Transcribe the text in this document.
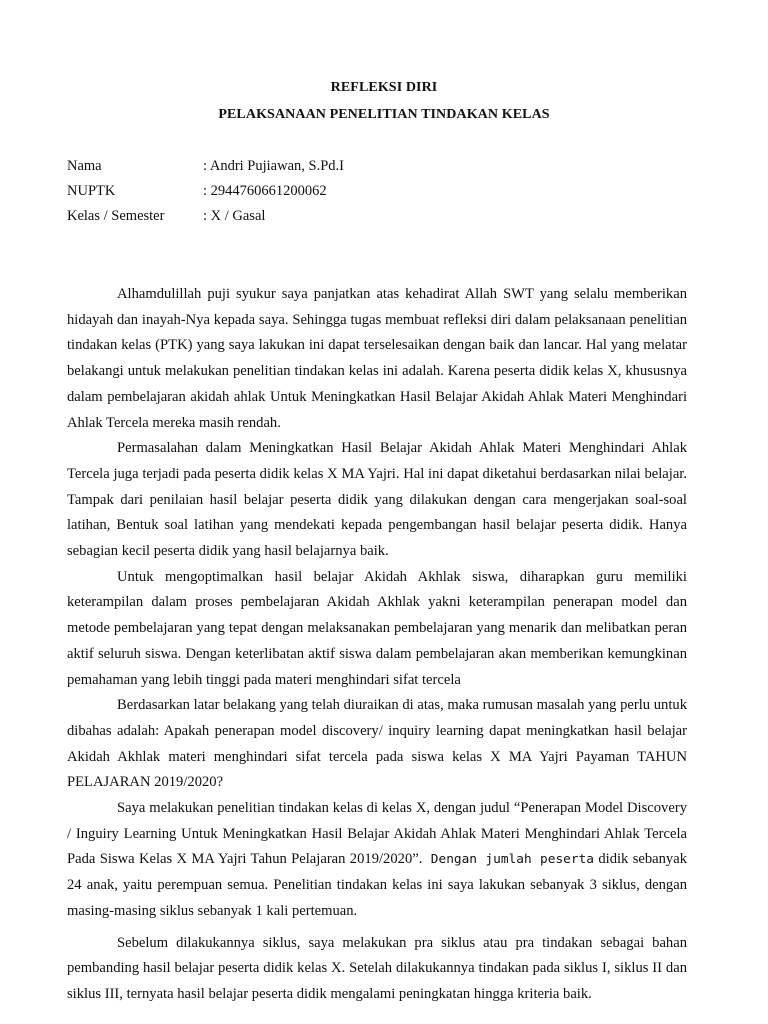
REFLEKSI DIRI
PELAKSANAAN PENELITIAN TINDAKAN KELAS
Nama	: Andri Pujiawan, S.Pd.I
NUPTK	: 2944760661200062
Kelas / Semester	: X / Gasal

Alhamdulillah puji syukur saya panjatkan atas kehadirat Allah SWT yang selalu memberikan hidayah dan inayah-Nya kepada saya. Sehingga tugas membuat refleksi diri dalam pelaksanaan penelitian tindakan kelas (PTK) yang saya lakukan ini dapat terselesaikan dengan baik dan lancar. Hal yang melatar belakangi untuk melakukan penelitian tindakan kelas ini adalah. Karena peserta didik kelas X, khususnya dalam pembelajaran akidah ahlak Untuk Meningkatkan Hasil Belajar Akidah Ahlak Materi Menghindari Ahlak Tercela mereka masih rendah.

Permasalahan dalam Meningkatkan Hasil Belajar Akidah Ahlak Materi Menghindari Ahlak Tercela juga terjadi pada peserta didik kelas X MA Yajri. Hal ini dapat diketahui berdasarkan nilai belajar. Tampak dari penilaian hasil belajar peserta didik yang dilakukan dengan cara mengerjakan soal-soal latihan, Bentuk soal latihan yang mendekati kepada pengembangan hasil belajar peserta didik. Hanya sebagian kecil peserta didik yang hasil belajarnya baik.

Untuk mengoptimalkan hasil belajar Akidah Akhlak siswa, diharapkan guru memiliki keterampilan dalam proses pembelajaran Akidah Akhlak yakni keterampilan penerapan model dan metode pembelajaran yang tepat dengan melaksanakan pembelajaran yang menarik dan melibatkan peran aktif seluruh siswa. Dengan keterlibatan aktif siswa dalam pembelajaran akan memberikan kemungkinan pemahaman yang lebih tinggi pada materi menghindari sifat tercela

Berdasarkan latar belakang yang telah diuraikan di atas, maka rumusan masalah yang perlu untuk dibahas adalah: Apakah penerapan model discovery/ inquiry learning dapat meningkatkan hasil belajar Akidah Akhlak materi menghindari sifat tercela pada siswa kelas X MA Yajri Payaman TAHUN PELAJARAN 2019/2020?

Saya melakukan penelitian tindakan kelas di kelas X, dengan judul “Penerapan Model Discovery / Inguiry Learning Untuk Meningkatkan Hasil Belajar Akidah Ahlak Materi Menghindari Ahlak Tercela Pada Siswa Kelas X MA Yajri Tahun Pelajaran 2019/2020”. Dengan jumlah peserta didik sebanyak 24 anak, yaitu perempuan semua. Penelitian tindakan kelas ini saya lakukan sebanyak 3 siklus, dengan masing-masing siklus sebanyak 1 kali pertemuan.

Sebelum dilakukannya siklus, saya melakukan pra siklus atau pra tindakan sebagai bahan pembanding hasil belajar peserta didik kelas X. Setelah dilakukannya tindakan pada siklus I, siklus II dan siklus III, ternyata hasil belajar peserta didik mengalami peningkatan hingga kriteria baik.
